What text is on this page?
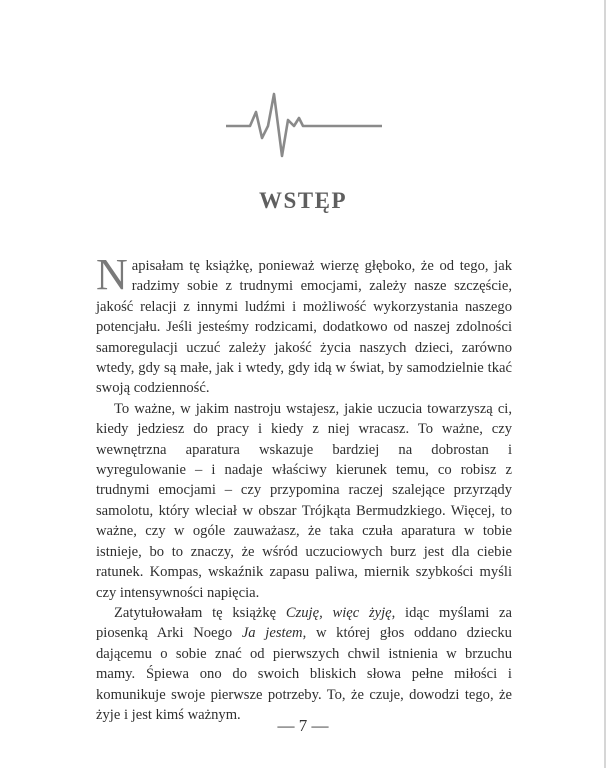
WSTĘP

Napisałam tę książkę, ponieważ wierzę głęboko, że od tego, jak radzimy sobie z trudnymi emocjami, zależy nasze szczęście, jakość relacji z innymi ludźmi i możliwość wykorzystania naszego potencjału. Jeśli jesteśmy rodzicami, dodatkowo od naszej zdolności samoregulacji uczuć zależy jakość życia naszych dzieci, zarówno wtedy, gdy są małe, jak i wtedy, gdy idą w świat, by samodzielnie tkać swoją codzienność.

To ważne, w jakim nastroju wstajesz, jakie uczucia towarzyszą ci, kiedy jedziesz do pracy i kiedy z niej wracasz. To ważne, czy wewnętrzna aparatura wskazuje bardziej na dobrostan i wyregulowanie – i nadaje właściwy kierunek temu, co robisz z trudnymi emocjami – czy przypomina raczej szalejące przyrządy samolotu, który wleciał w obszar Trójkąta Bermudzkiego. Więcej, to ważne, czy w ogóle zauważasz, że taka czuła aparatura w tobie istnieje, bo to znaczy, że wśród uczuciowych burz jest dla ciebie ratunek. Kompas, wskaźnik zapasu paliwa, miernik szybkości myśli czy intensywności napięcia.

Zatytułowałam tę książkę Czuję, więc żyję, idąc myślami za piosenką Arki Noego Ja jestem, w której głos oddano dziecku dającemu o sobie znać od pierwszych chwil istnienia w brzuchu mamy. Śpiewa ono do swoich bliskich słowa pełne miłości i komunikuje swoje pierwsze potrzeby. To, że czuje, dowodzi tego, że żyje i jest kimś ważnym.

— 7 —
